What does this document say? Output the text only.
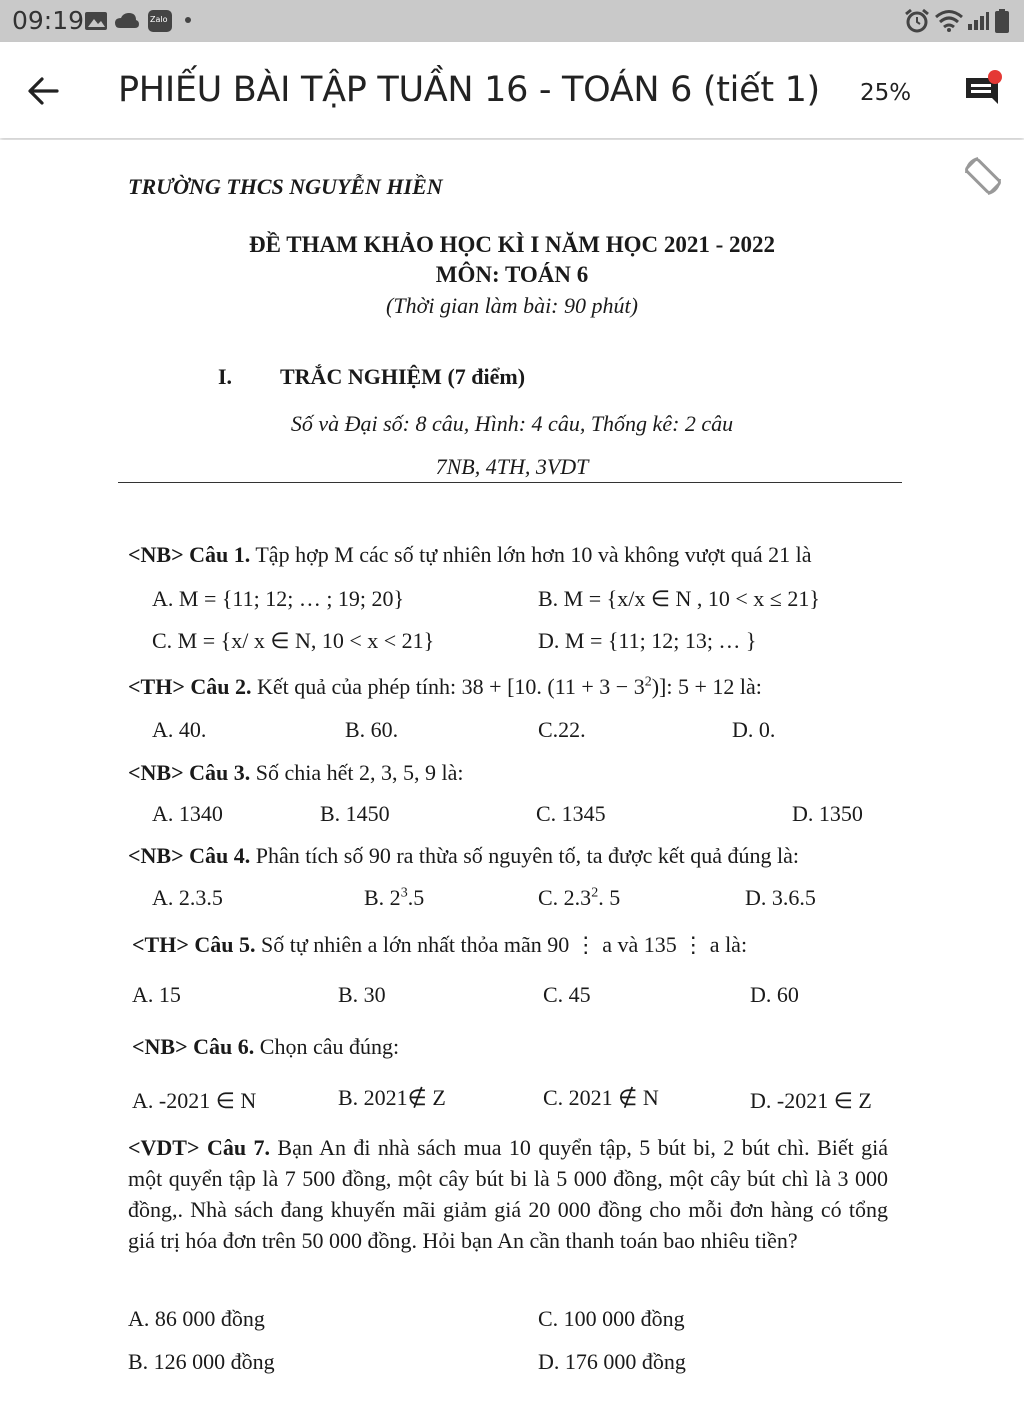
09:19	Zalo
PHIẾU BÀI TẬP TUẦN 16 - TOÁN 6 (tiết 1) 25%
TRƯỜNG THCS NGUYỄN HIỀN
ĐỀ THAM KHẢO HỌC KÌ I NĂM HỌC 2021 - 2022
MÔN: TOÁN 6
(Thời gian làm bài: 90 phút)
I. TRẮC NGHIỆM (7 điểm)
Số và Đại số: 8 câu, Hình: 4 câu, Thống kê: 2 câu
7NB, 4TH, 3VDT
<NB> Câu 1. Tập hợp M các số tự nhiên lớn hơn 10 và không vượt quá 21 là
A. M = {11; 12; … ; 19; 20}	B. M = {x/x ∈ N , 10 < x ≤ 21}
C. M = {x/ x ∈ N, 10 < x < 21}	D. M = {11; 12; 13; … }
<TH> Câu 2. Kết quả của phép tính: 38 + [10. $(11 + 3 - 3^2)$]: 5 + 12 là:
A. 40.	B. 60.	C.22.	D. 0.
<NB> Câu 3. Số chia hết 2, 3, 5, 9 là:
A. 1340	B. 1450	C. 1345	D. 1350
<NB> Câu 4. Phân tích số 90 ra thừa số nguyên tố, ta được kết quả đúng là:
A. 2.3.5	B. $2^3.5$	C. $2.3^2$. 5	D. 3.6.5
<TH> Câu 5. Số tự nhiên a lớn nhất thỏa mãn 90 ⋮ a và 135 ⋮ a là:
A. 15	B. 30	C. 45	D. 60
<NB> Câu 6. Chọn câu đúng:
A. -2021 ∈ N	B. 2021∉ Z	C. 2021 ∉ N	D. -2021 ∈ Z
<VDT> Câu 7. Bạn An đi nhà sách mua 10 quyển tập, 5 bút bi, 2 bút chì. Biết giá một quyển tập là 7 500 đồng, một cây bút bi là 5 000 đồng, một cây bút chì là 3 000 đồng,. Nhà sách đang khuyến mãi giảm giá 20 000 đồng cho mỗi đơn hàng có tổng giá trị hóa đơn trên 50 000 đồng. Hỏi bạn An cần thanh toán bao nhiêu tiền?
A. 86 000 đồng	C. 100 000 đồng
B. 126 000 đồng	D. 176 000 đồng
